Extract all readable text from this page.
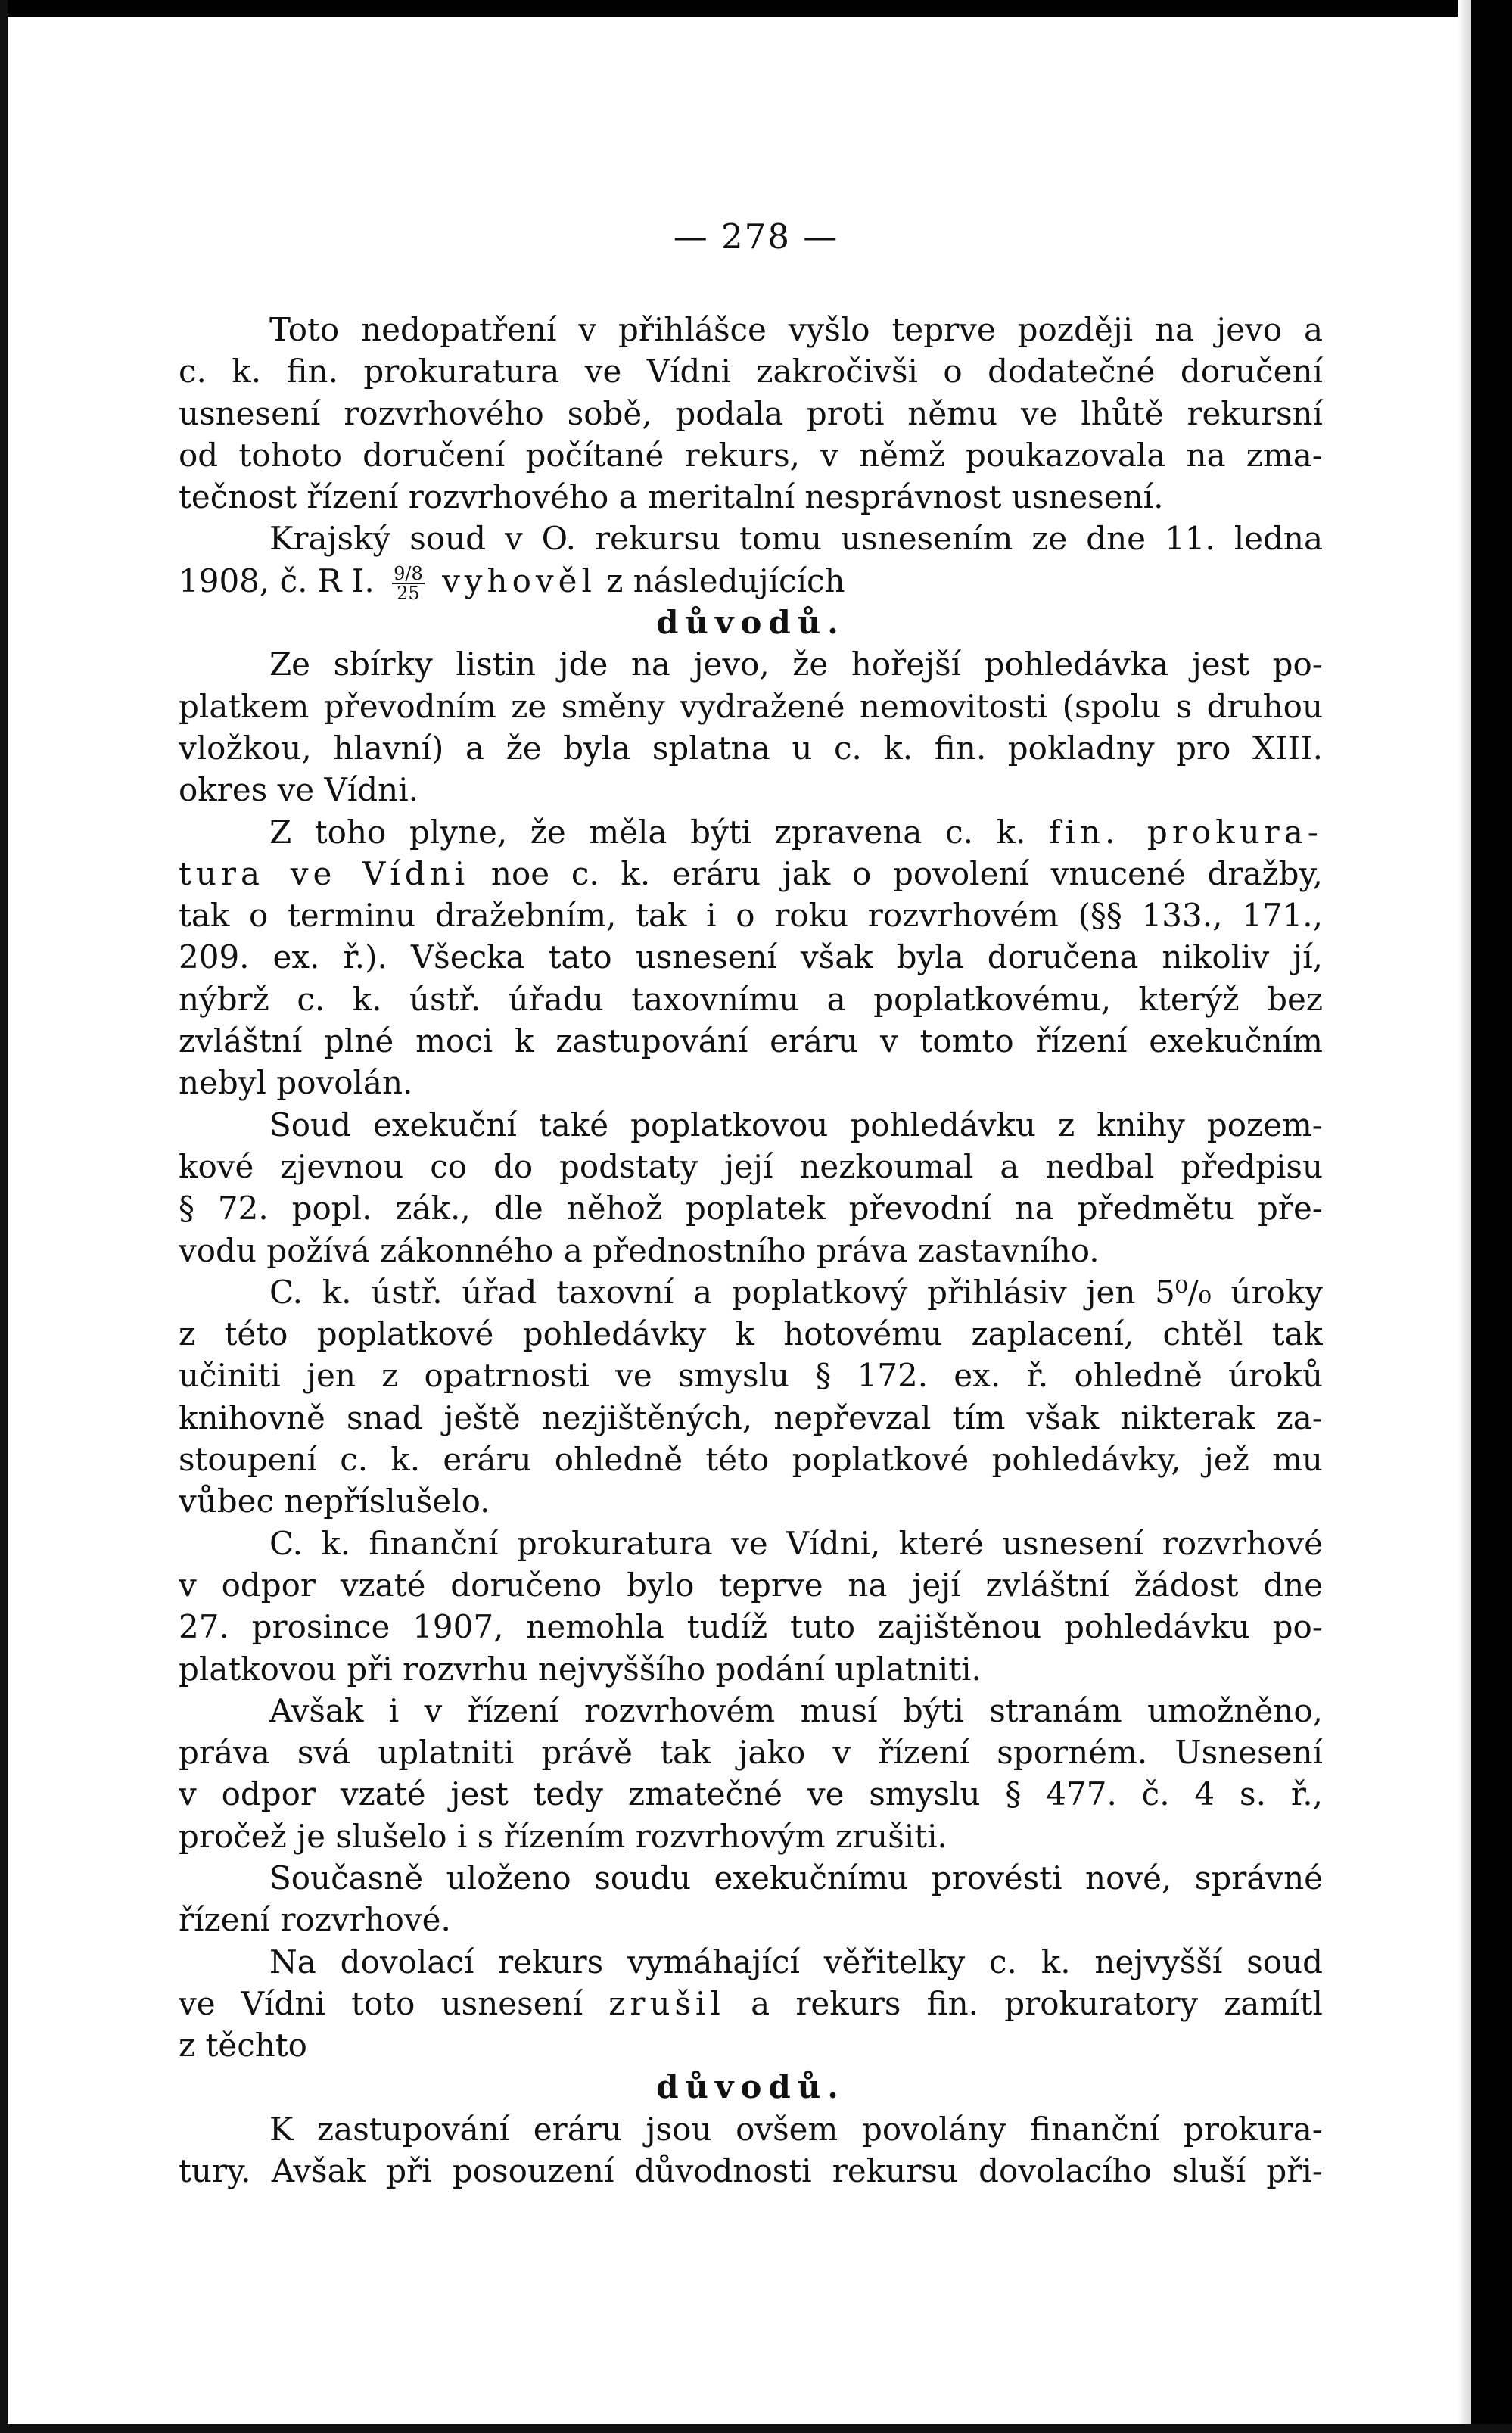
— 278 —
Toto nedopatření v přihlášce vyšlo teprve později na jevo a
c. k. fin. prokuratura ve Vídni zakročivši o dodatečné doručení
usnesení rozvrhového sobě, podala proti němu ve lhůtě rekursní
od tohoto doručení počítané rekurs, v němž poukazovala na zma-
tečnost řízení rozvrhového a meritalní nesprávnost usnesení.
Krajský soud v O. rekursu tomu usnesením ze dne 11. ledna
1908, č. R I. $\frac{9/8}{25}$ vyhověl z následujících
důvodů.
Ze sbírky listin jde na jevo, že hořejší pohledávka jest po-
platkem převodním ze směny vydražené nemovitosti (spolu s druhou
vložkou, hlavní) a že byla splatna u c. k. fin. pokladny pro XIII.
okres ve Vídni.
Z toho plyne, že měla býti zpravena c. k. fin. prokura-
tura ve Vídni noe c. k. eráru jak o povolení vnucené dražby,
tak o terminu dražebním, tak i o roku rozvrhovém (§§ 133., 171.,
209. ex. ř.). Všecka tato usnesení však byla doručena nikoliv jí,
nýbrž c. k. ústř. úřadu taxovnímu a poplatkovému, kterýž bez
zvláštní plné moci k zastupování eráru v tomto řízení exekučním
nebyl povolán.
Soud exekuční také poplatkovou pohledávku z knihy pozem-
kové zjevnou co do podstaty její nezkoumal a nedbal předpisu
§ 72. popl. zák., dle něhož poplatek převodní na předmětu pře-
vodu požívá zákonného a přednostního práva zastavního.
C. k. ústř. úřad taxovní a poplatkový přihlásiv jen 5⁰/₀ úroky
z této poplatkové pohledávky k hotovému zaplacení, chtěl tak
učiniti jen z opatrnosti ve smyslu § 172. ex. ř. ohledně úroků
knihovně snad ještě nezjištěných, nepřevzal tím však nikterak za-
stoupení c. k. eráru ohledně této poplatkové pohledávky, jež mu
vůbec nepříslušelo.
C. k. finanční prokuratura ve Vídni, které usnesení rozvrhové
v odpor vzaté doručeno bylo teprve na její zvláštní žádost dne
27. prosince 1907, nemohla tudíž tuto zajištěnou pohledávku po-
platkovou při rozvrhu nejvyššího podání uplatniti.
Avšak i v řízení rozvrhovém musí býti stranám umožněno,
práva svá uplatniti právě tak jako v řízení sporném. Usnesení
v odpor vzaté jest tedy zmatečné ve smyslu § 477. č. 4 s. ř.,
pročež je slušelo i s řízením rozvrhovým zrušiti.
Současně uloženo soudu exekučnímu provésti nové, správné
řízení rozvrhové.
Na dovolací rekurs vymáhající věřitelky c. k. nejvyšší soud
ve Vídni toto usnesení zrušil a rekurs fin. prokuratory zamítl
z těchto
důvodů.
K zastupování eráru jsou ovšem povolány finanční prokura-
tury. Avšak při posouzení důvodnosti rekursu dovolacího sluší při-
